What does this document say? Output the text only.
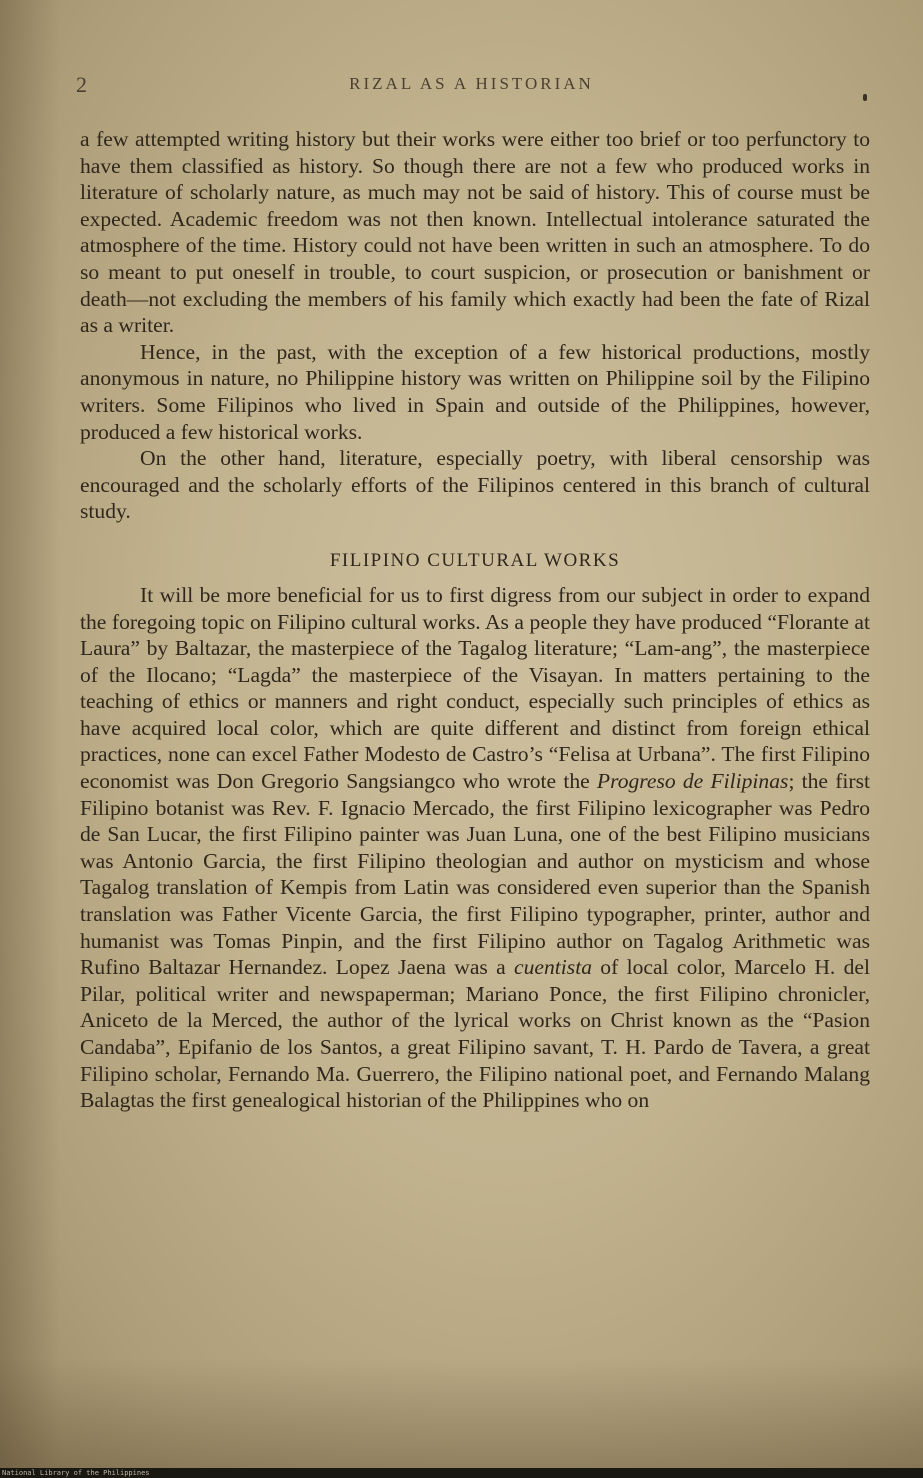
2	RIZAL AS A HISTORIAN

a few attempted writing history but their works were either too brief or too perfunctory to have them classified as history. So though there are not a few who produced works in literature of scholarly nature, as much may not be said of history. This of course must be expected. Academic freedom was not then known. Intellectual intolerance saturated the atmosphere of the time. History could not have been written in such an atmosphere. To do so meant to put oneself in trouble, to court suspicion, or prosecution or banishment or death—not excluding the members of his family which exactly had been the fate of Rizal as a writer.

Hence, in the past, with the exception of a few historical productions, mostly anonymous in nature, no Philippine history was written on Philippine soil by the Filipino writers. Some Filipinos who lived in Spain and outside of the Philippines, however, produced a few historical works.

On the other hand, literature, especially poetry, with liberal censorship was encouraged and the scholarly efforts of the Filipinos centered in this branch of cultural study.

FILIPINO CULTURAL WORKS

It will be more beneficial for us to first digress from our subject in order to expand the foregoing topic on Filipino cultural works. As a people they have produced “Florante at Laura” by Baltazar, the masterpiece of the Tagalog literature; “Lam-ang”, the masterpiece of the Ilocano; “Lagda” the masterpiece of the Visayan. In matters pertaining to the teaching of ethics or manners and right conduct, especially such principles of ethics as have acquired local color, which are quite different and distinct from foreign ethical practices, none can excel Father Modesto de Castro’s “Felisa at Urbana”. The first Filipino economist was Don Gregorio Sangsiangco who wrote the Progreso de Filipinas; the first Filipino botanist was Rev. F. Ignacio Mercado, the first Filipino lexicographer was Pedro de San Lucar, the first Filipino painter was Juan Luna, one of the best Filipino musicians was Antonio Garcia, the first Filipino theologian and author on mysticism and whose Tagalog translation of Kempis from Latin was considered even superior than the Spanish translation was Father Vicente Garcia, the first Filipino typographer, printer, author and humanist was Tomas Pinpin, and the first Filipino author on Tagalog Arithmetic was Rufino Baltazar Hernandez. Lopez Jaena was a cuentista of local color, Marcelo H. del Pilar, political writer and newspaperman; Mariano Ponce, the first Filipino chronicler, Aniceto de la Merced, the author of the lyrical works on Christ known as the “Pasion Candaba”, Epifanio de los Santos, a great Filipino savant, T. H. Pardo de Tavera, a great Filipino scholar, Fernando Ma. Guerrero, the Filipino national poet, and Fernando Malang Balagtas the first genealogical historian of the Philippines who on

National Library of the Philippines
